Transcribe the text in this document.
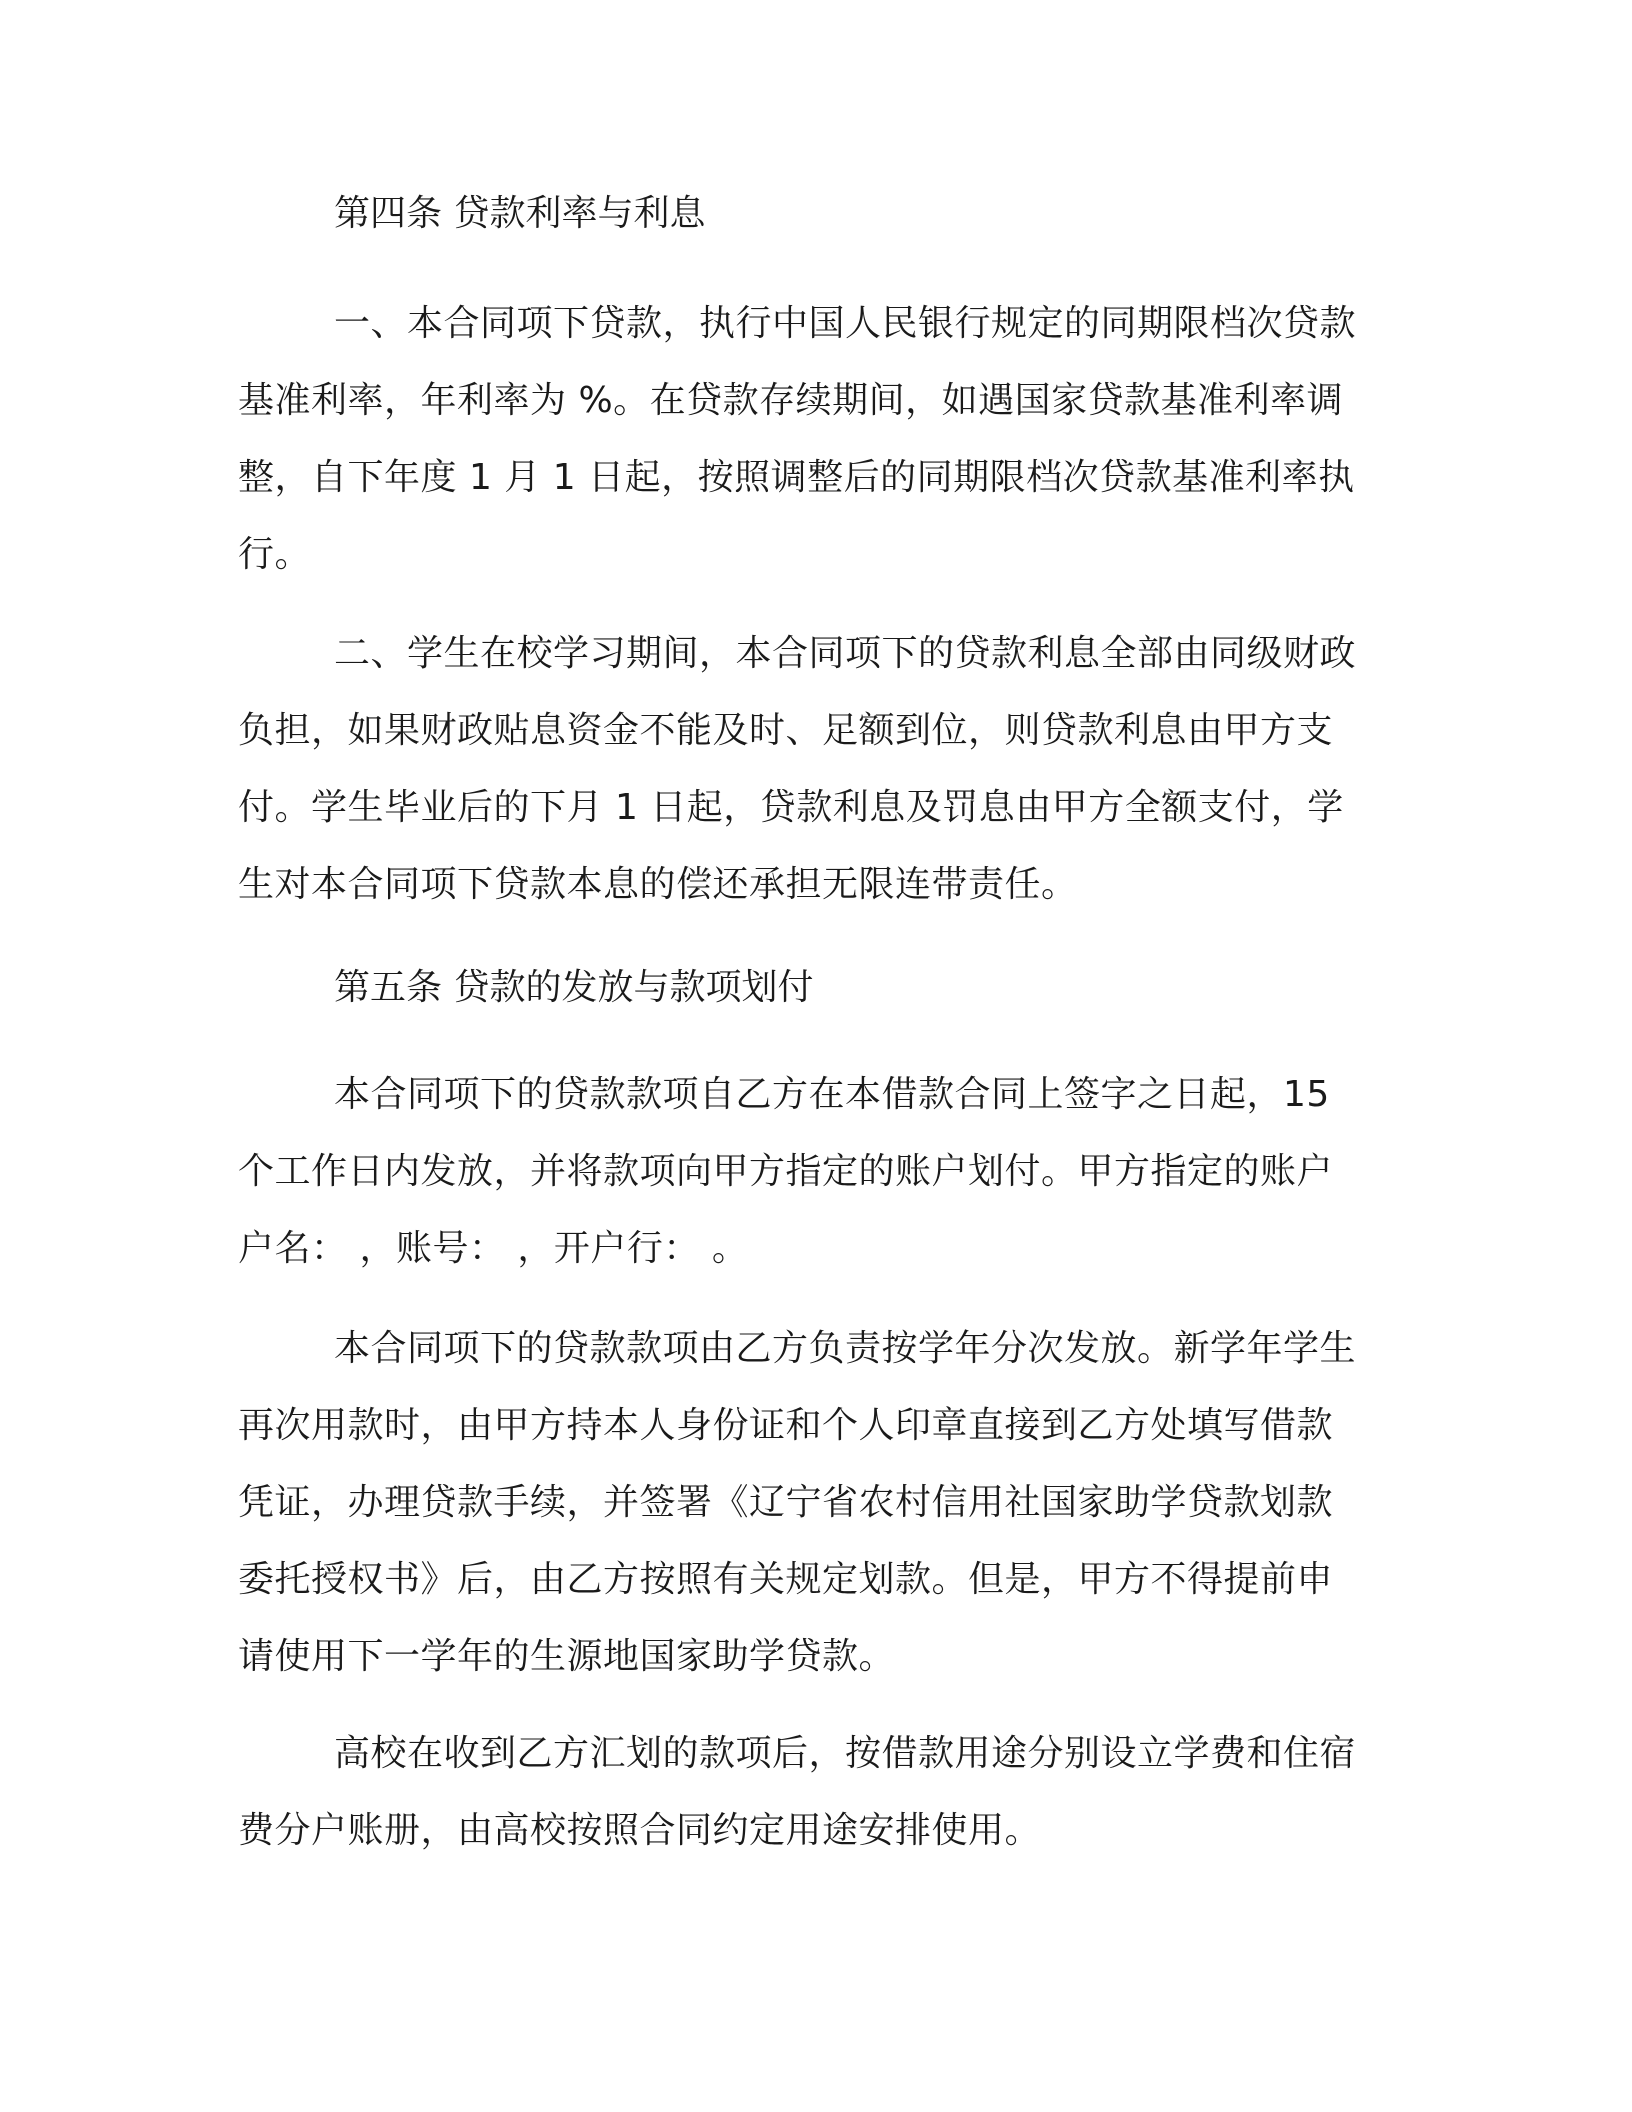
第四条 贷款利率与利息

一、本合同项下贷款，执行中国人民银行规定的同期限档次贷款
基准利率，年利率为 %。在贷款存续期间，如遇国家贷款基准利率调
整，自下年度 1 月 1 日起，按照调整后的同期限档次贷款基准利率执
行。

二、学生在校学习期间，本合同项下的贷款利息全部由同级财政
负担，如果财政贴息资金不能及时、足额到位，则贷款利息由甲方支
付。学生毕业后的下月 1 日起，贷款利息及罚息由甲方全额支付，学
生对本合同项下贷款本息的偿还承担无限连带责任。

第五条 贷款的发放与款项划付

本合同项下的贷款款项自乙方在本借款合同上签字之日起，15
个工作日内发放，并将款项向甲方指定的账户划付。甲方指定的账户
户名： ，账号： ，开户行： 。

本合同项下的贷款款项由乙方负责按学年分次发放。新学年学生
再次用款时，由甲方持本人身份证和个人印章直接到乙方处填写借款
凭证，办理贷款手续，并签署《辽宁省农村信用社国家助学贷款划款
委托授权书》后，由乙方按照有关规定划款。但是，甲方不得提前申
请使用下一学年的生源地国家助学贷款。

高校在收到乙方汇划的款项后，按借款用途分别设立学费和住宿
费分户账册，由高校按照合同约定用途安排使用。
